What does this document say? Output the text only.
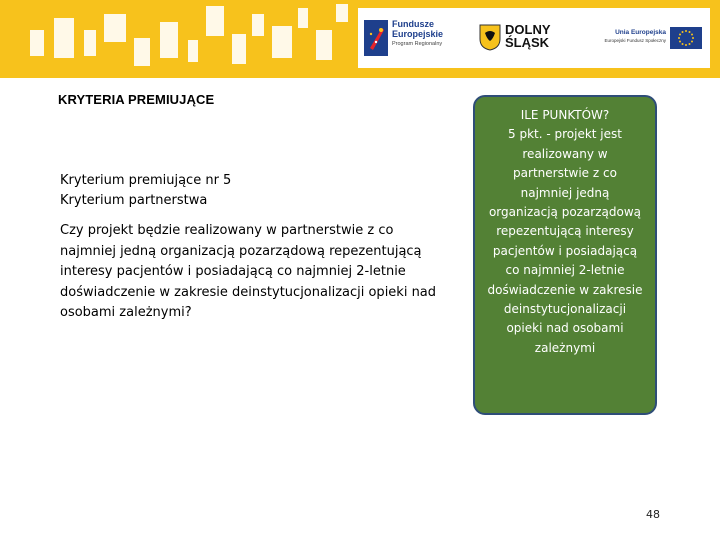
Fundusze Europejskie
Program Regionalny
DOLNY ŚLĄSK
Unia Europejska
Europejski Fundusz Społeczny
KRYTERIA PREMIUJĄCE
Kryterium premiujące nr 5
Kryterium partnerstwa
Czy projekt będzie realizowany w partnerstwie z co najmniej jedną organizacją pozarządową repezentującą interesy pacjentów i posiadającą co najmniej 2-letnie doświadczenie w zakresie deinstytucjonalizacji opieki nad osobami zależnymi?
ILE PUNKTÓW?
5 pkt. - projekt jest realizowany w partnerstwie z co najmniej jedną organizacją pozarządową repezentującą interesy pacjentów i posiadającą co najmniej 2-letnie doświadczenie w zakresie deinstytucjonalizacji opieki nad osobami zależnymi
48
